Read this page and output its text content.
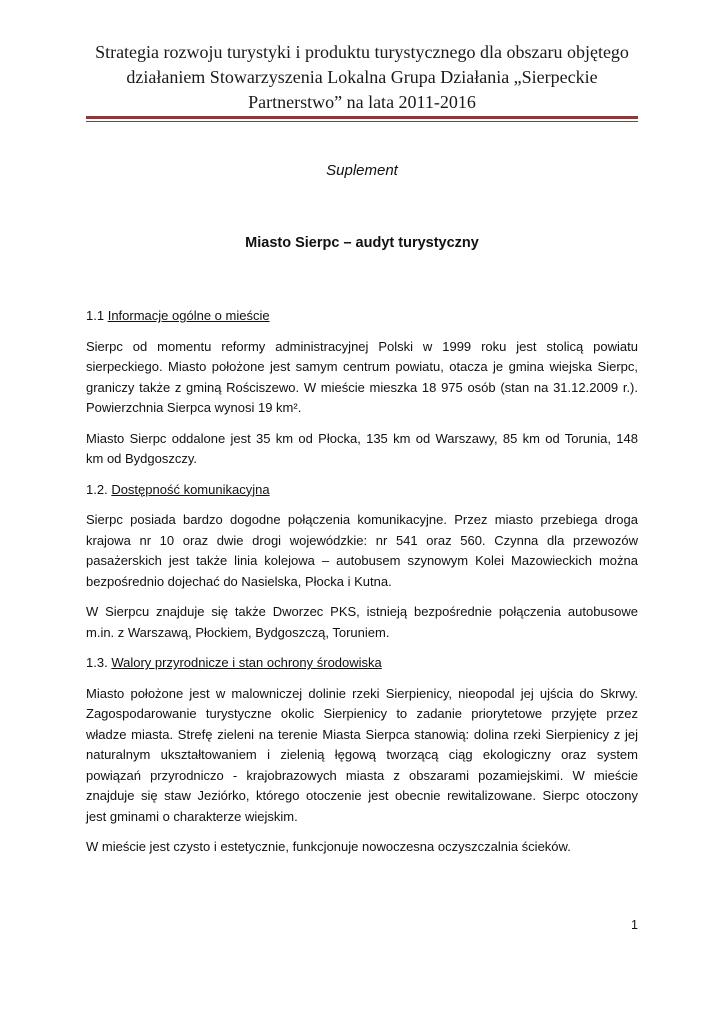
Strategia rozwoju turystyki i produktu turystycznego dla obszaru objętego
działaniem Stowarzyszenia Lokalna Grupa Działania „Sierpeckie
Partnerstwo” na lata 2011-2016
Suplement
Miasto Sierpc – audyt turystyczny
1.1 Informacje ogólne o mieście
Sierpc od momentu reformy administracyjnej Polski w 1999 roku jest stolicą powiatu
sierpeckiego. Miasto położone jest samym centrum powiatu, otacza je gmina wiejska Sierpc,
graniczy także z gminą Rościszewo. W mieście mieszka 18 975 osób (stan na 31.12.2009 r.).
Powierzchnia Sierpca wynosi 19 km².
Miasto Sierpc oddalone jest 35 km od Płocka, 135 km od Warszawy, 85 km od Torunia, 148
km od Bydgoszczy.
1.2. Dostępność komunikacyjna
Sierpc posiada bardzo dogodne połączenia komunikacyjne. Przez miasto przebiega droga
krajowa nr 10 oraz dwie drogi wojewódzkie: nr 541 oraz 560. Czynna dla przewozów
pasażerskich jest także linia kolejowa – autobusem szynowym Kolei Mazowieckich można
bezpośrednio dojechać do Nasielska, Płocka i Kutna.
W Sierpcu znajduje się także Dworzec PKS, istnieją bezpośrednie połączenia autobusowe
m.in. z Warszawą, Płockiem, Bydgoszczą, Toruniem.
1.3. Walory przyrodnicze i stan ochrony środowiska
Miasto położone jest w malowniczej dolinie rzeki Sierpienicy, nieopodal jej ujścia do Skrwy.
Zagospodarowanie turystyczne okolic Sierpienicy to zadanie priorytetowe przyjęte przez
władze miasta. Strefę zieleni na terenie Miasta Sierpca stanowią: dolina rzeki Sierpienicy z jej
naturalnym ukształtowaniem i zielenią łęgową tworzącą ciąg ekologiczny oraz system
powiązań przyrodniczo - krajobrazowych miasta z obszarami pozamiejskimi. W mieście
znajduje się staw Jeziórko, którego otoczenie jest obecnie rewitalizowane. Sierpc otoczony
jest gminami o charakterze wiejskim.
W mieście jest czysto i estetycznie, funkcjonuje nowoczesna oczyszczalnia ścieków.
1
